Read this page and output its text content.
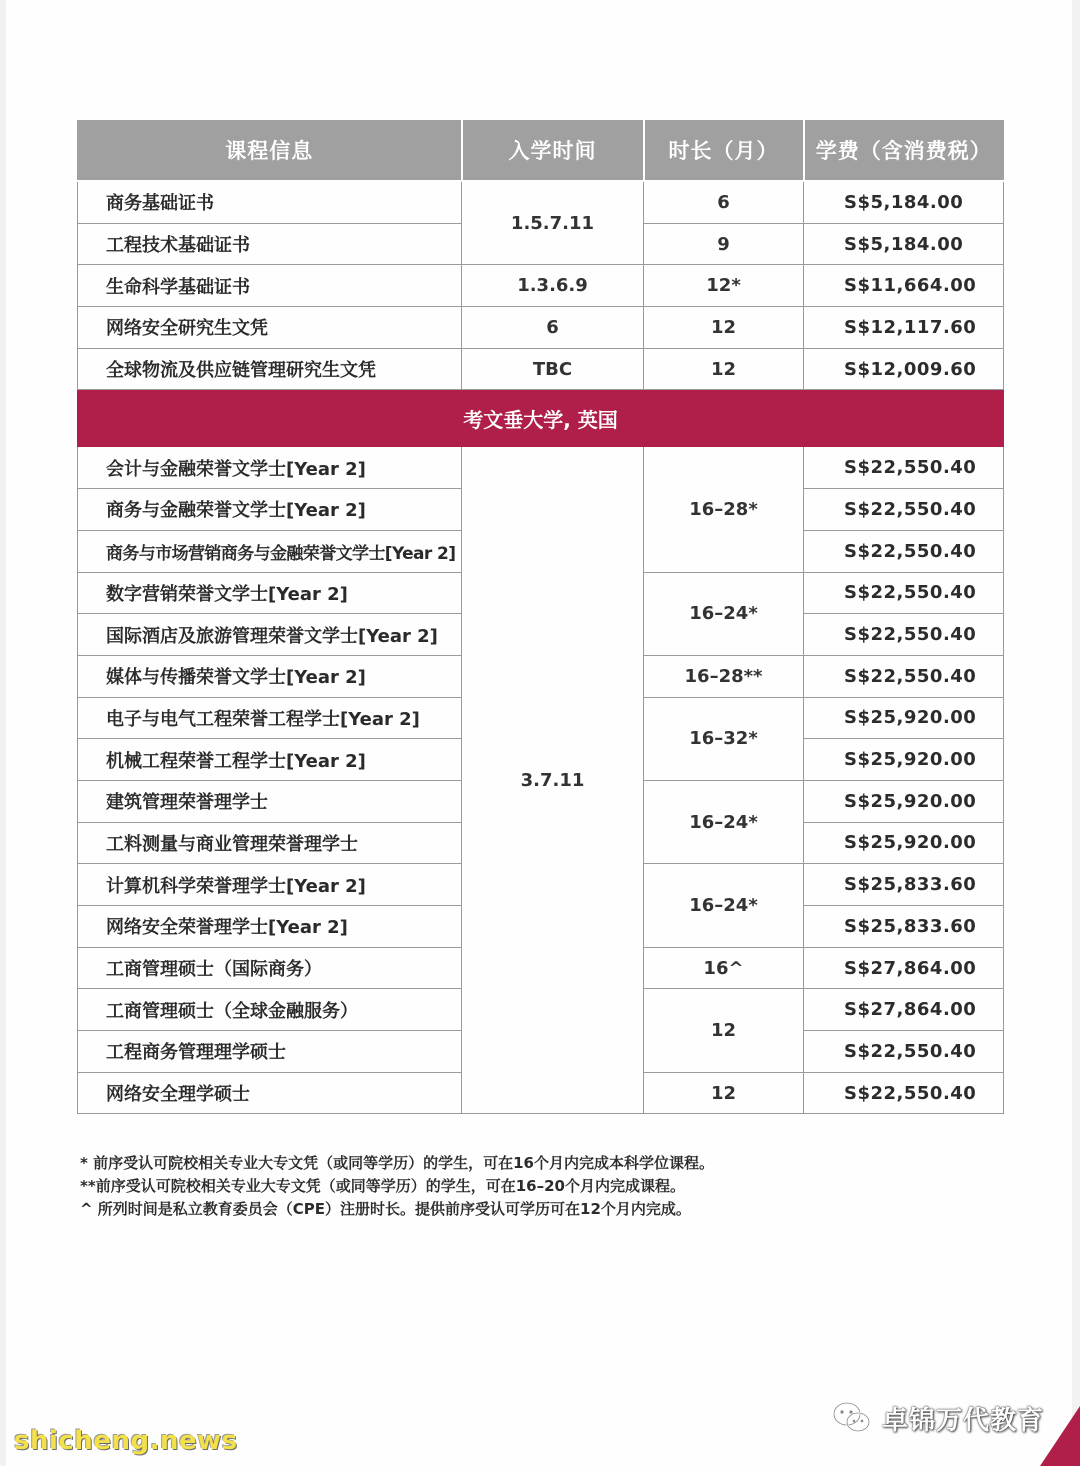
课程信息	入学时间	时长（月）	学费（含消费税）
商务基础证书	1.5.7.11	6	S$5,184.00
工程技术基础证书		9	S$5,184.00
生命科学基础证书	1.3.6.9	12*	S$11,664.00
网络安全研究生文凭	6	12	S$12,117.60
全球物流及供应链管理研究生文凭	TBC	12	S$12,009.60
考文垂大学, 英国			
会计与金融荣誉文学士[Year 2]	3.7.11	16–28*	S$22,550.40
商务与金融荣誉文学士[Year 2]			S$22,550.40
商务与市场营销商务与金融荣誉文学士[Year 2]			S$22,550.40
数字营销荣誉文学士[Year 2]		16–24*	S$22,550.40
国际酒店及旅游管理荣誉文学士[Year 2]			S$22,550.40
媒体与传播荣誉文学士[Year 2]		16–28**	S$22,550.40
电子与电气工程荣誉工程学士[Year 2]		16–32*	S$25,920.00
机械工程荣誉工程学士[Year 2]			S$25,920.00
建筑管理荣誉理学士		16–24*	S$25,920.00
工料测量与商业管理荣誉理学士			S$25,920.00
计算机科学荣誉理学士[Year 2]		16–24*	S$25,833.60
网络安全荣誉理学士[Year 2]			S$25,833.60
工商管理硕士（国际商务）		16^	S$27,864.00
工商管理硕士（全球金融服务）		12	S$27,864.00
工程商务管理理学硕士			S$22,550.40
网络安全理学硕士		12	S$22,550.40
* 前序受认可院校相关专业大专文凭（或同等学历）的学生，可在16个月内完成本科学位课程。
**前序受认可院校相关专业大专文凭（或同等学历）的学生，可在16–20个月内完成课程。
^ 所列时间是私立教育委员会（CPE）注册时长。提供前序受认可学历可在12个月内完成。
卓锦万代教育
shicheng.news
